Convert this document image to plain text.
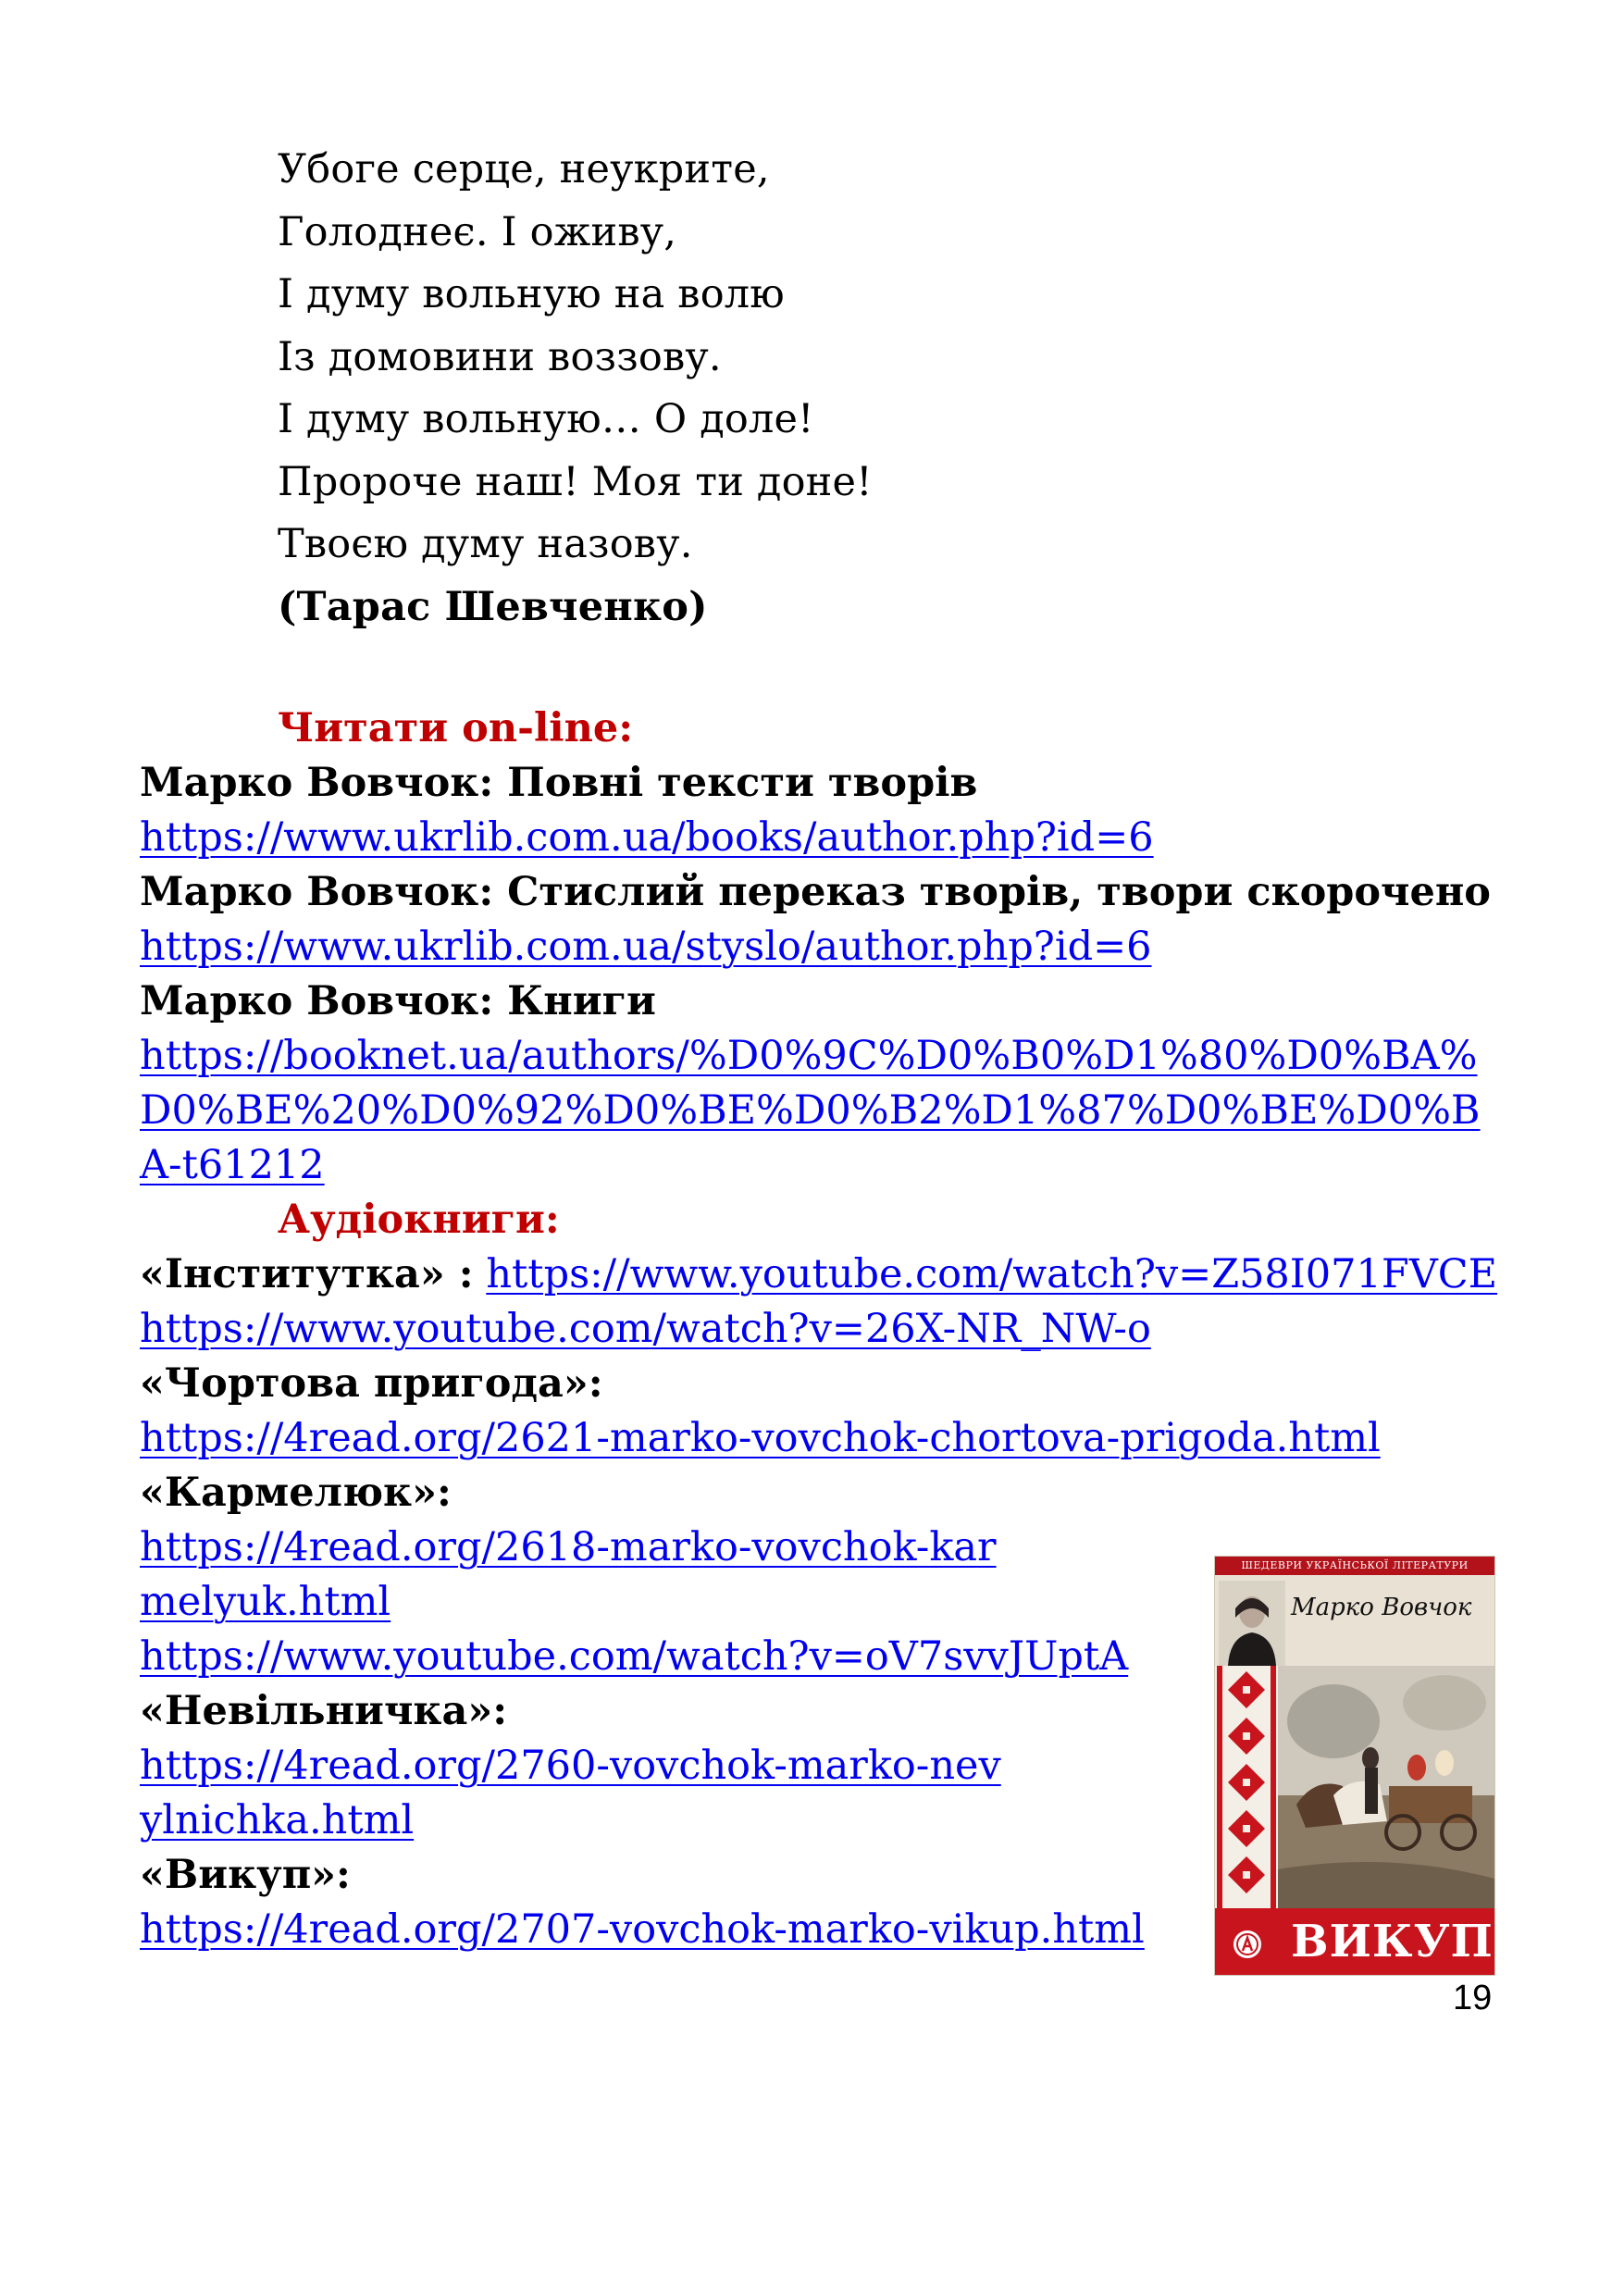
Убоге серце, неукрите,
Голоднеє. І оживу,
І думу вольную на волю
Із домовини воззову.
І думу вольную… О доле!
Пророче наш! Моя ти доне!
Твоєю думу назову.
(Тарас Шевченко)
Читати on-line:
Марко Вовчок: Повні тексти творів
https://www.ukrlib.com.ua/books/author.php?id=6
Марко Вовчок: Стислий переказ творів, твори скорочено
https://www.ukrlib.com.ua/styslo/author.php?id=6
Марко Вовчок: Книги
https://booknet.ua/authors/%D0%9C%D0%B0%D1%80%D0%BA%D0%BE%20%D0%92%D0%BE%D0%B2%D1%87%D0%BE%D0%BA-t61212
Аудіокниги:
«Інститутка» : https://www.youtube.com/watch?v=Z58I071FVCE
https://www.youtube.com/watch?v=26X-NR_NW-o
«Чортова пригода»:
https://4read.org/2621-marko-vovchok-chortova-prigoda.html
«Кармелюк»:
https://4read.org/2618-marko-vovchok-karmelyuk.html
https://www.youtube.com/watch?v=oV7svvJUptA
«Невільничка»:
https://4read.org/2760-vovchok-marko-nevylnichka.html
«Викуп»:
https://4read.org/2707-vovchok-marko-vikup.html
ШЕДЕВРИ УКРАЇНСЬКОЇ ЛІТЕРАТУРИ
Марко Вовчок
ВИКУП
19
